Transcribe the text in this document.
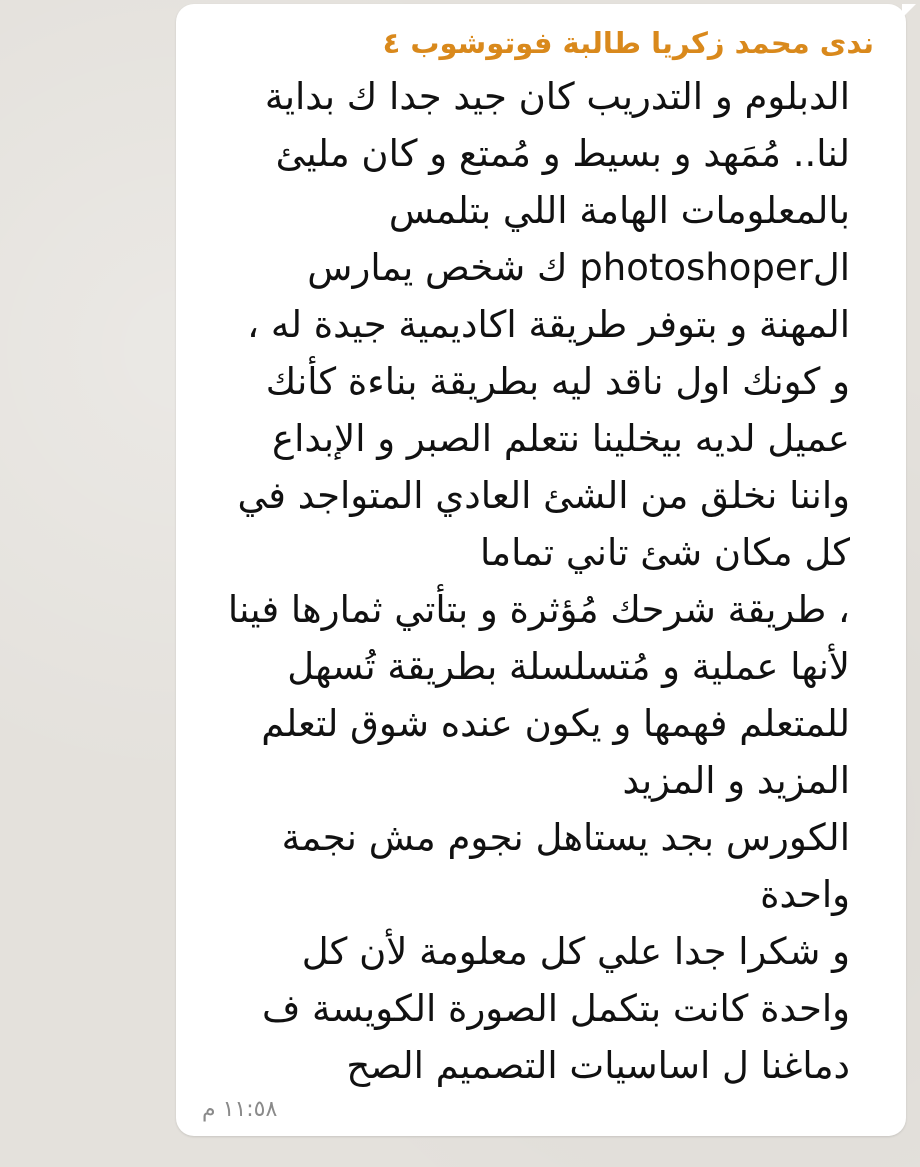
ندى محمد زكريا طالبة فوتوشوب ٤
الدبلوم و التدريب كان جيد جدا ك بداية
لنا.. مُمَهد و بسيط و مُمتع و كان مليئ
بالمعلومات الهامة اللي بتلمس
الphotoshoper ك شخص يمارس
المهنة و بتوفر طريقة اكاديمية جيدة له ،
و كونك اول ناقد ليه بطريقة بناءة كأنك
عميل لديه بيخلينا نتعلم الصبر و الإبداع
واننا نخلق من الشئ العادي المتواجد في
كل مكان شئ تاني تماما
، طريقة شرحك مُؤثرة و بتأتي ثمارها فينا
لأنها عملية و مُتسلسلة بطريقة تُسهل
للمتعلم فهمها و يكون عنده شوق لتعلم
المزيد و المزيد
الكورس بجد يستاهل نجوم مش نجمة
واحدة
و شكرا جدا علي كل معلومة لأن كل
واحدة كانت بتكمل الصورة الكويسة ف
دماغنا ل اساسيات التصميم الصح
١١:٥٨ م
